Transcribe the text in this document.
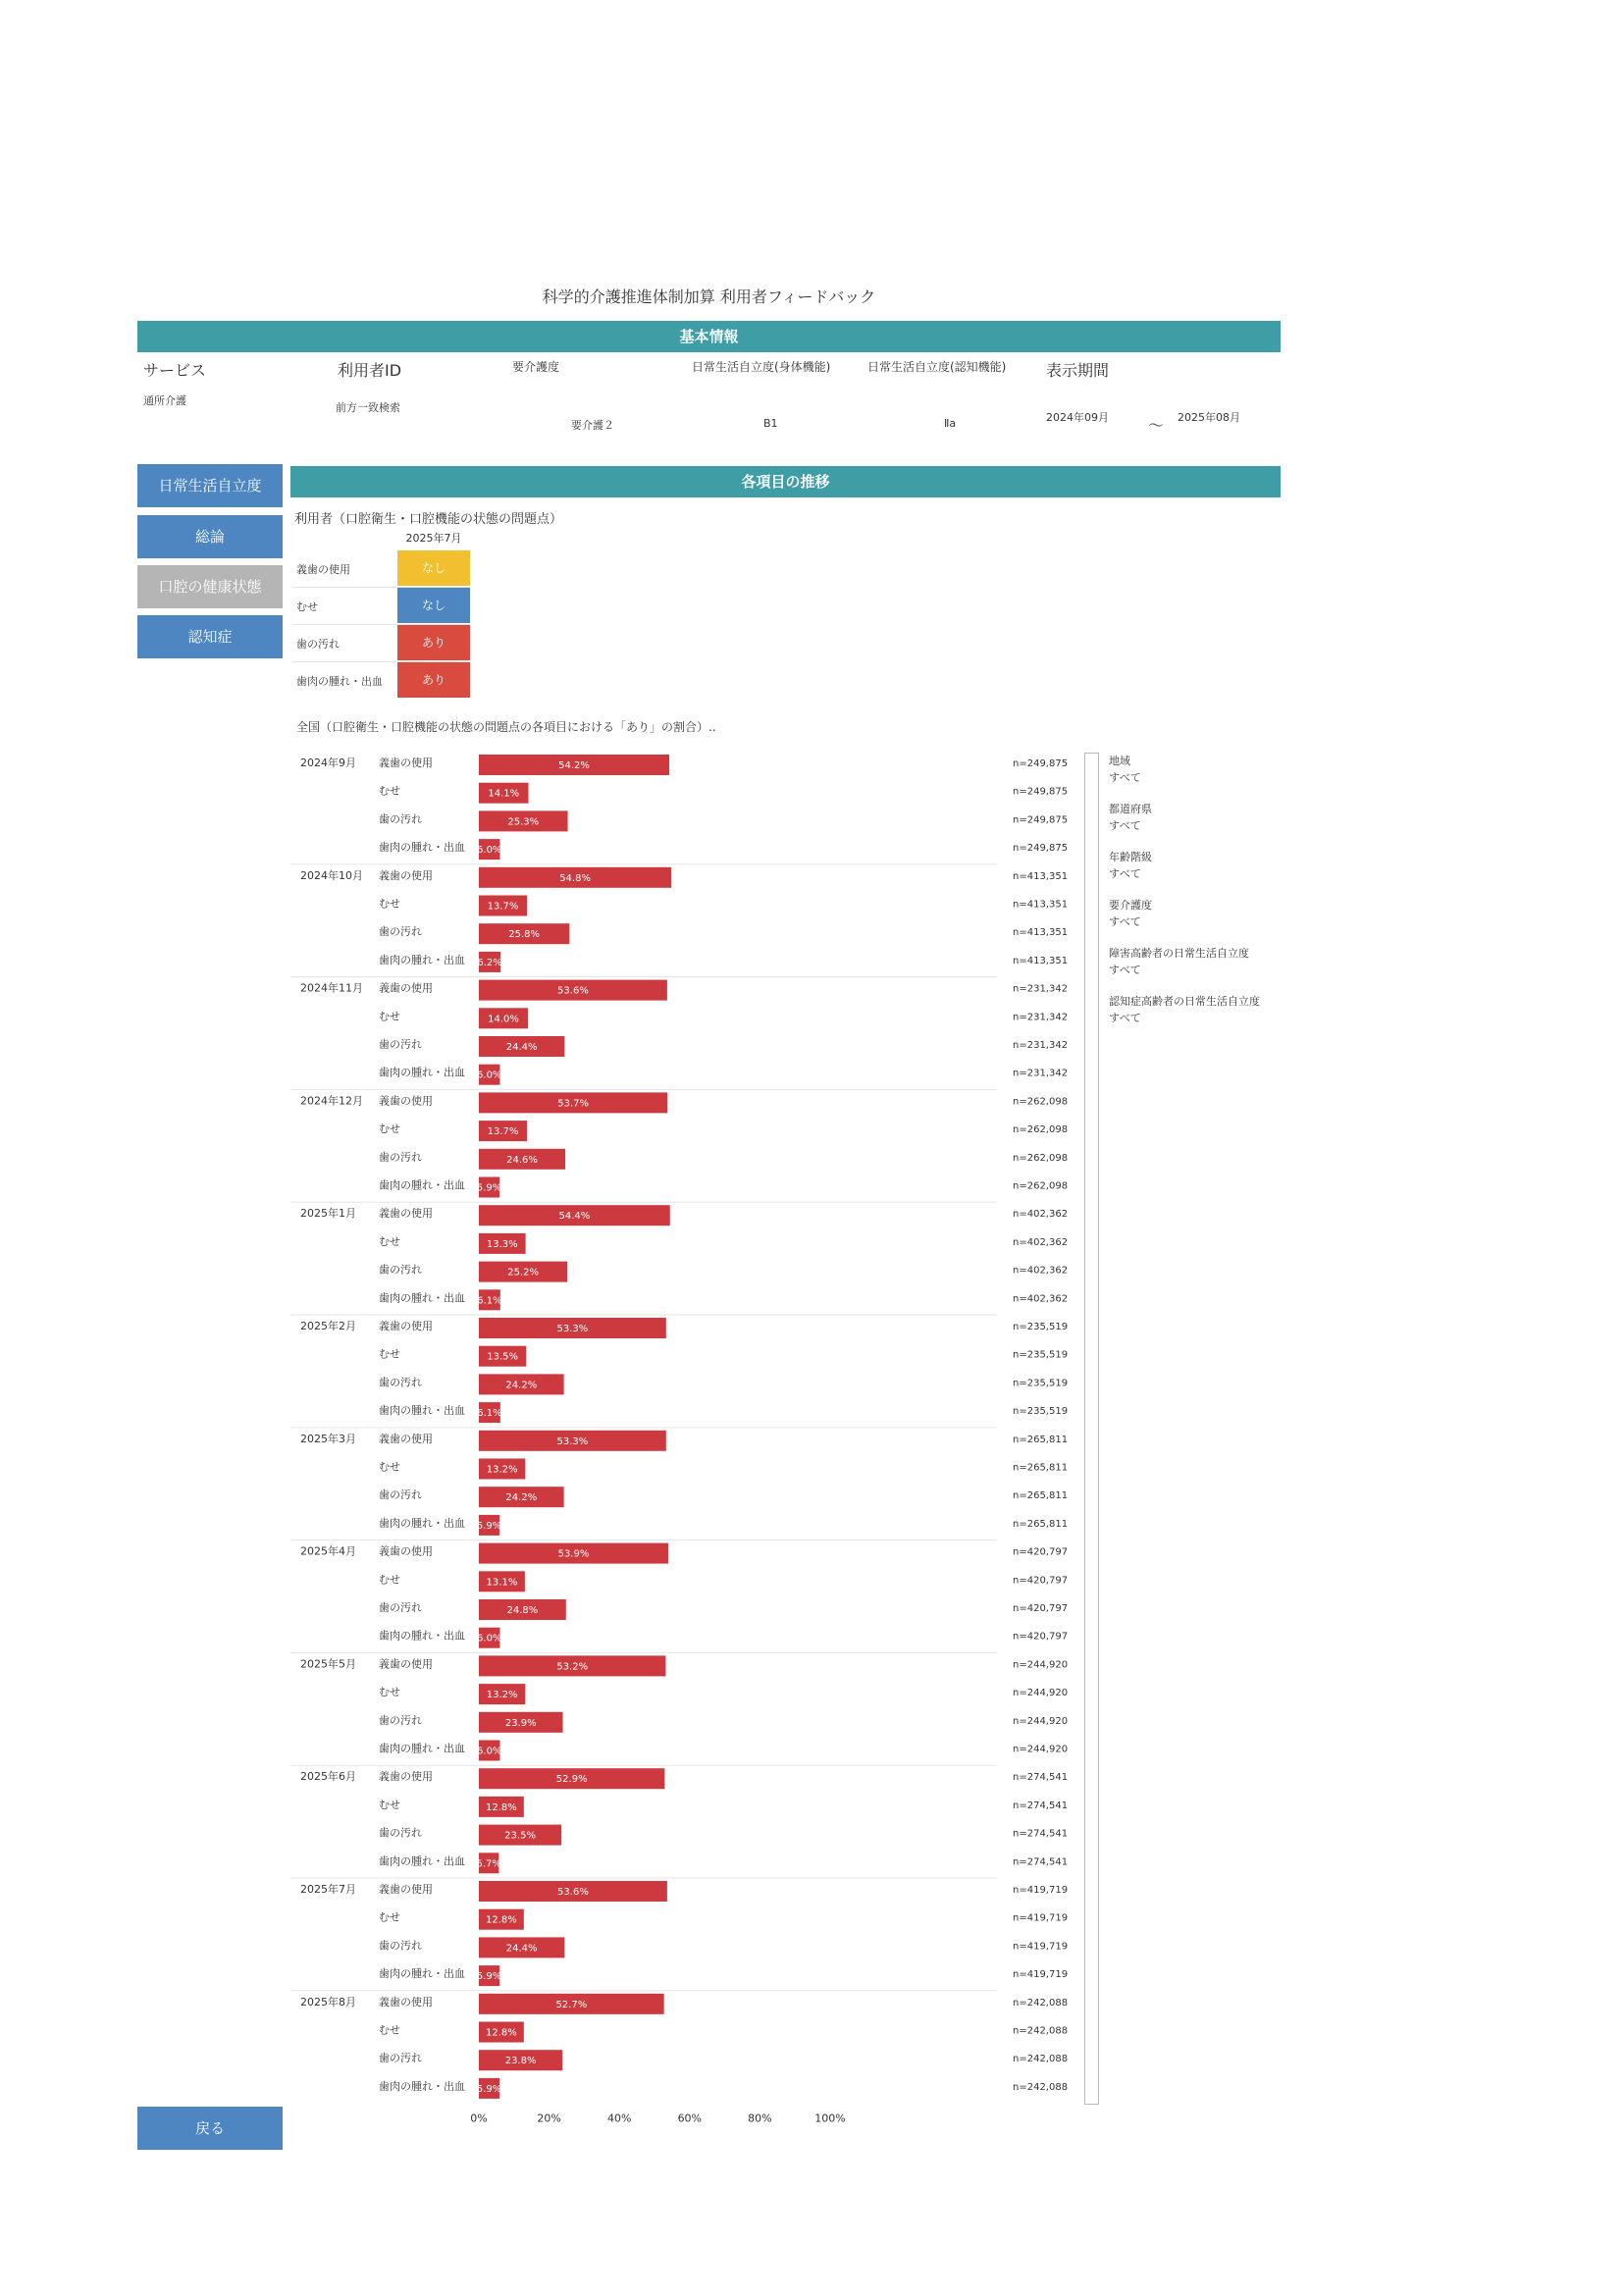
科学的介護推進体制加算 利用者フィードバック
基本情報
サービス
通所介護
利用者ID
前方一致検索
要介護度
要介護２
日常生活自立度(身体機能)
B1
日常生活自立度(認知機能)
Ⅱa
表示期間
2024年09月	～ 2025年08月
日常生活自立度
総論
口腔の健康状態
認知症
各項目の推移
利用者（口腔衛生・口腔機能の状態の問題点）
2025年7月
義歯の使用	なし
むせ	なし
歯の汚れ	あり
歯肉の腫れ・出血	あり
全国（口腔衛生・口腔機能の状態の問題点の各項目における「あり」の割合）..
2024年9月 義歯の使用	54.2%	n=249,875
むせ	14.1%	n=249,875
歯の汚れ	25.3%	n=249,875
歯肉の腫れ・出血 6.0%	n=249,875
2024年10月 義歯の使用	54.8%	n=413,351
むせ	13.7%	n=413,351
歯の汚れ	25.8%	n=413,351
歯肉の腫れ・出血 6.2%	n=413,351
2024年11月 義歯の使用	53.6%	n=231,342
むせ	14.0%	n=231,342
歯の汚れ	24.4%	n=231,342
歯肉の腫れ・出血 6.0%	n=231,342
2024年12月 義歯の使用	53.7%	n=262,098
むせ	13.7%	n=262,098
歯の汚れ	24.6%	n=262,098
歯肉の腫れ・出血 5.9%	n=262,098
2025年1月 義歯の使用	54.4%	n=402,362
むせ	13.3%	n=402,362
歯の汚れ	25.2%	n=402,362
歯肉の腫れ・出血 6.1%	n=402,362
2025年2月 義歯の使用	53.3%	n=235,519
むせ	13.5%	n=235,519
歯の汚れ	24.2%	n=235,519
歯肉の腫れ・出血 6.1%	n=235,519
2025年3月 義歯の使用	53.3%	n=265,811
むせ	13.2%	n=265,811
歯の汚れ	24.2%	n=265,811
歯肉の腫れ・出血 5.9%	n=265,811
2025年4月 義歯の使用	53.9%	n=420,797
むせ	13.1%	n=420,797
歯の汚れ	24.8%	n=420,797
歯肉の腫れ・出血 6.0%	n=420,797
2025年5月 義歯の使用	53.2%	n=244,920
むせ	13.2%	n=244,920
歯の汚れ	23.9%	n=244,920
歯肉の腫れ・出血 6.0%	n=244,920
2025年6月 義歯の使用	52.9%	n=274,541
むせ	12.8%	n=274,541
歯の汚れ	23.5%	n=274,541
歯肉の腫れ・出血 5.7%	n=274,541
2025年7月 義歯の使用	53.6%	n=419,719
むせ	12.8%	n=419,719
歯の汚れ	24.4%	n=419,719
歯肉の腫れ・出血 5.9%	n=419,719
2025年8月 義歯の使用	52.7%	n=242,088
むせ	12.8%	n=242,088
歯の汚れ	23.8%	n=242,088
歯肉の腫れ・出血 5.9%	n=242,088
0%	20%	40%	60%	80%	100%
地域
すべて
都道府県
すべて
年齢階級
すべて
要介護度
すべて
障害高齢者の日常生活自立度
すべて
認知症高齢者の日常生活自立度
すべて
戻る
